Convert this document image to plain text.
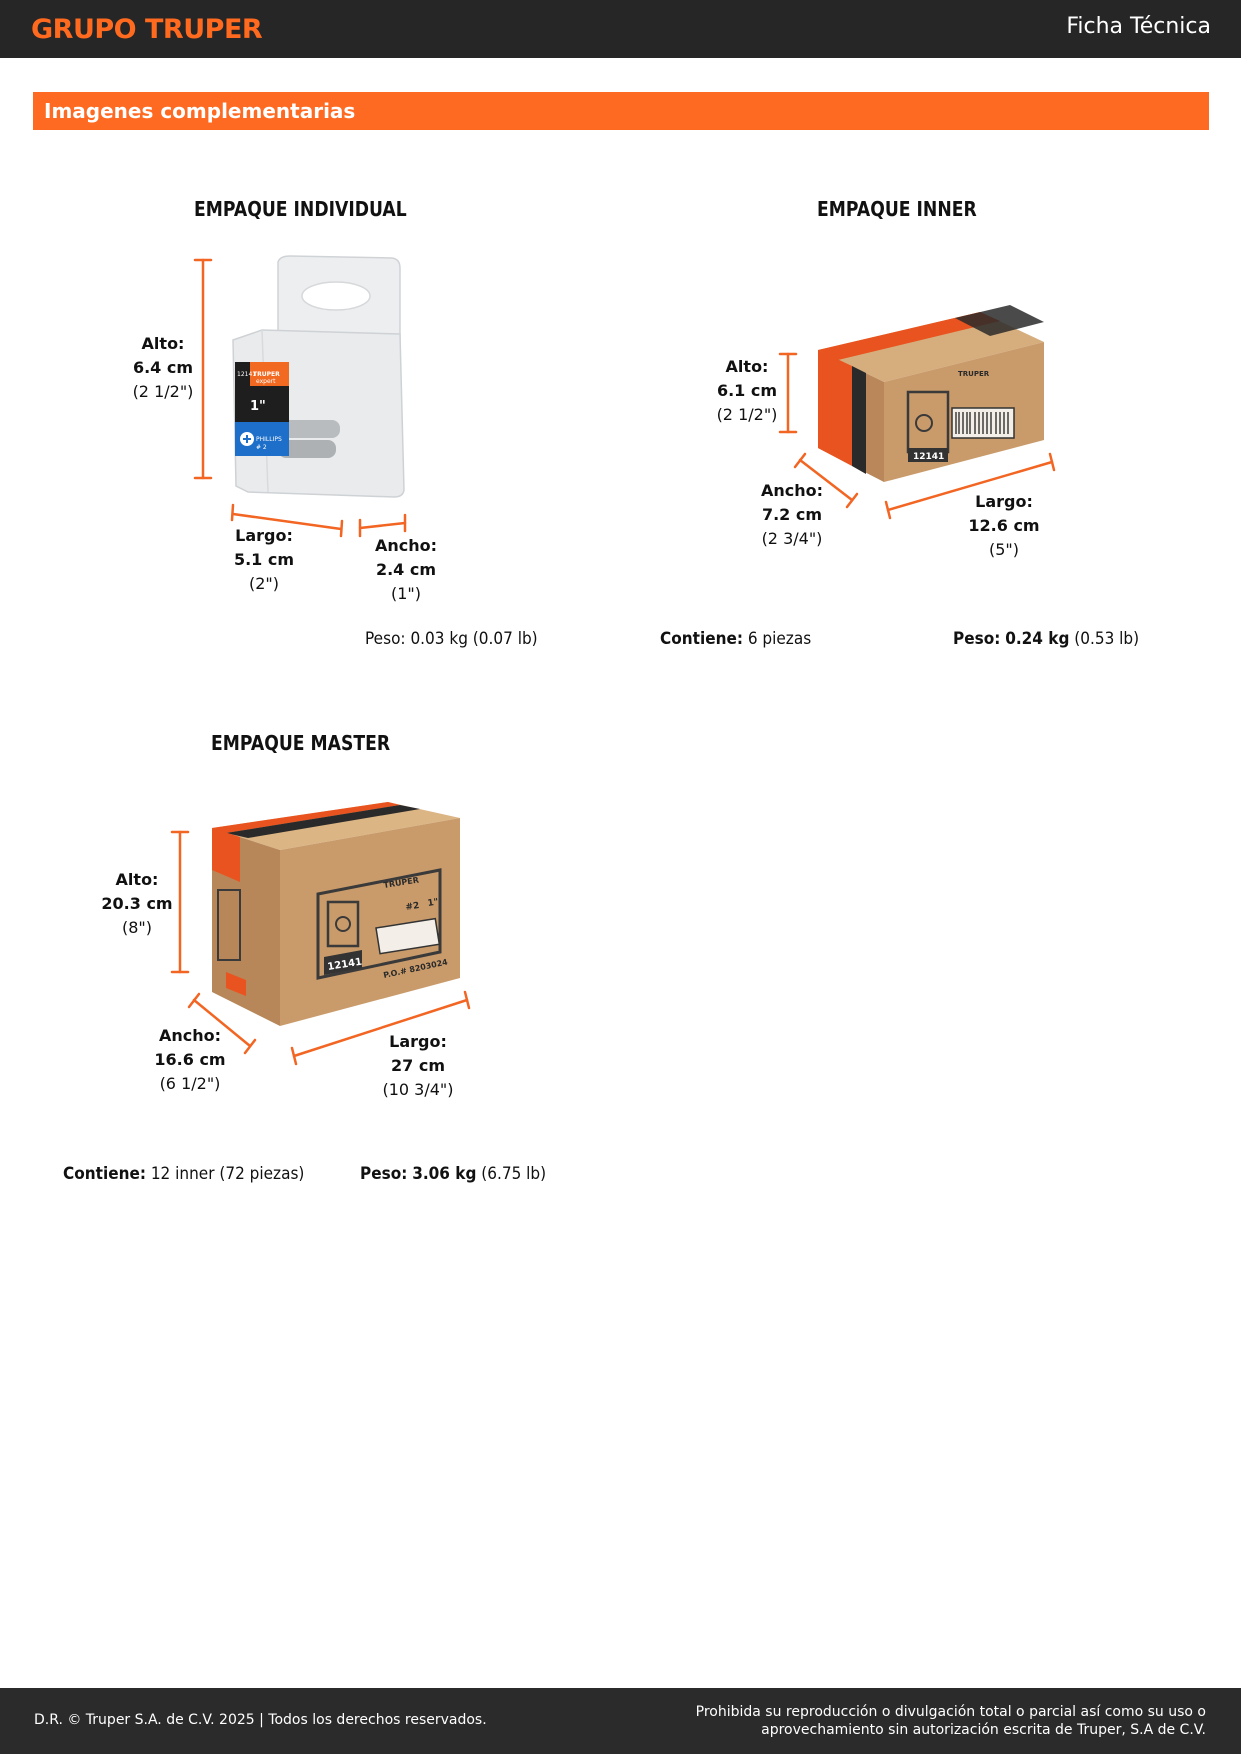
GRUPO TRUPER	Ficha Técnica
Imagenes complementarias
12141
TRUPER
expert
1"
PHILLIPS
# 2
12141
TRUPER
12141
TRUPER
#2 1"
P.O.# 8203024
EMPAQUE INDIVIDUAL
Alto:
6.4 cm
(2 1/2")
Largo:
5.1 cm
(2")
Ancho:
2.4 cm
(1")
Peso: 0.03 kg (0.07 lb)
EMPAQUE INNER
Alto:
6.1 cm
(2 1/2")
Ancho:
7.2 cm
(2 3/4")
Largo:
12.6 cm
(5")
Contiene: 6 piezas	Peso: 0.24 kg (0.53 lb)
EMPAQUE MASTER
Alto:
20.3 cm
(8")
Ancho:
16.6 cm
(6 1/2")
Largo:
27 cm
(10 3/4")
Contiene: 12 inner (72 piezas)	Peso: 3.06 kg (6.75 lb)
D.R. © Truper S.A. de C.V. 2025 | Todos los derechos reservados.	Prohibida su reproducción o divulgación total o parcial así como su uso o
aprovechamiento sin autorización escrita de Truper, S.A de C.V.
